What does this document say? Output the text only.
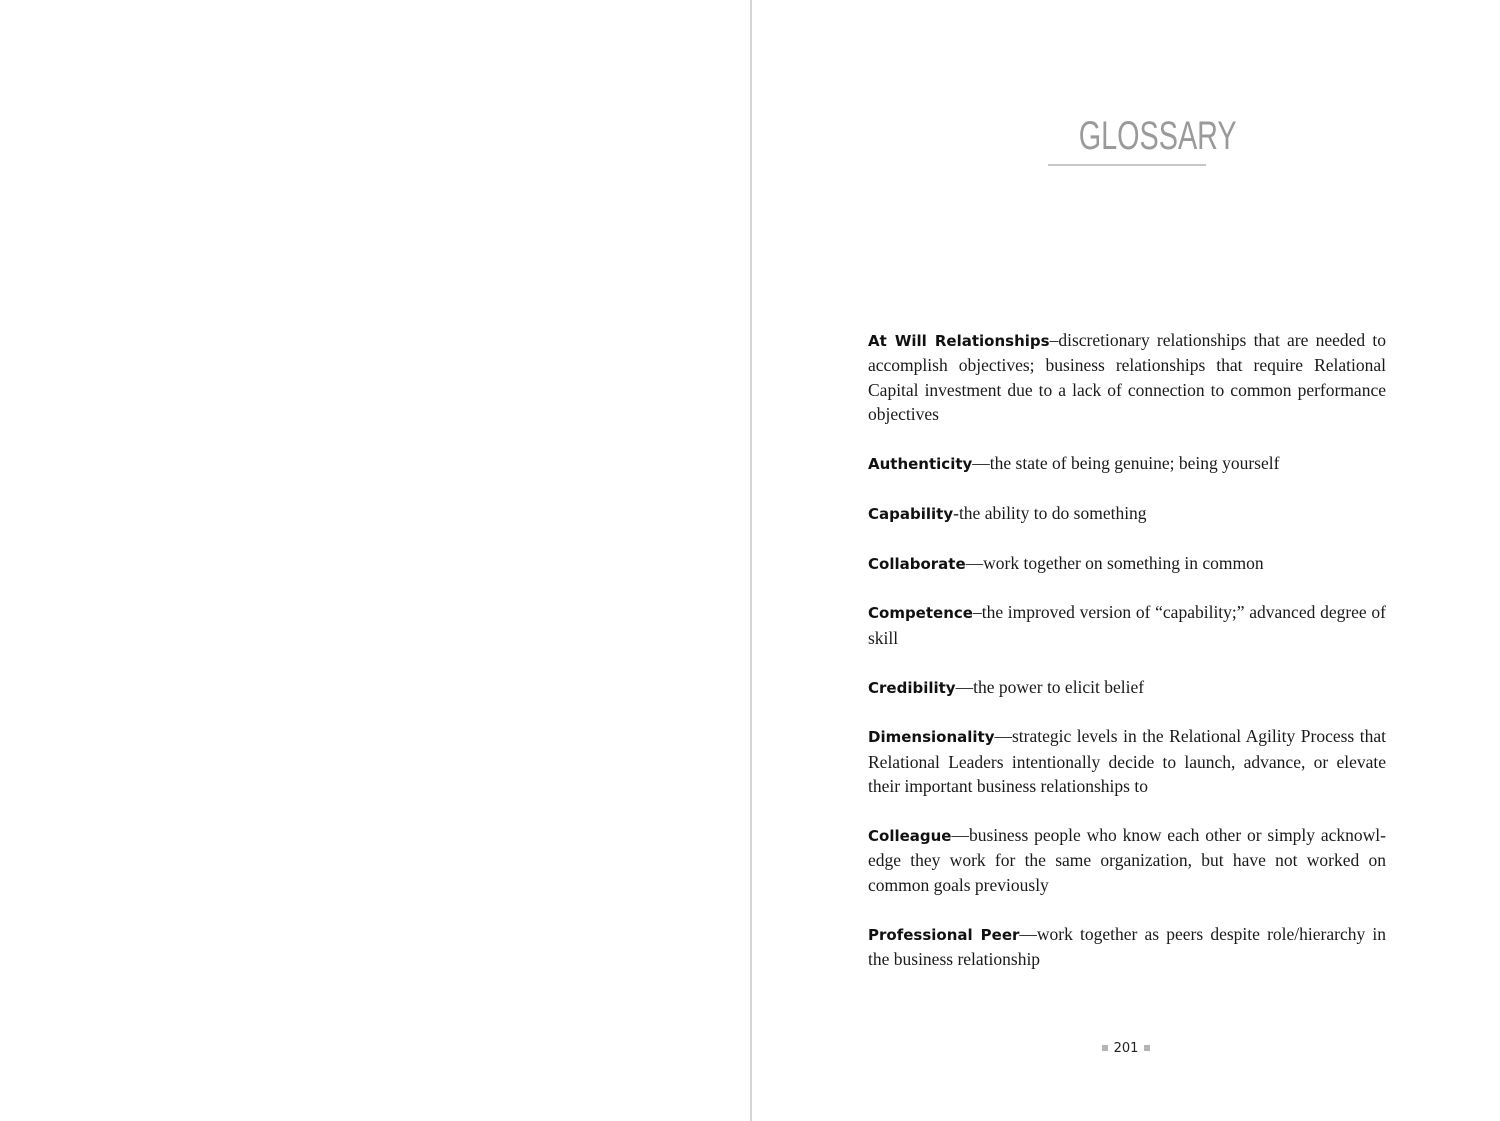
GLOSSARY

At Will Relationships–discretionary relationships that are needed to accomplish objectives; business relationships that require Relational Capital investment due to a lack of connection to common performance objectives

Authenticity—the state of being genuine; being yourself

Capability-the ability to do something

Collaborate—work together on something in common

Competence–the improved version of “capability;” advanced degree of skill

Credibility—the power to elicit belief

Dimensionality—strategic levels in the Relational Agility Process that Relational Leaders intentionally decide to launch, advance, or elevate their important business relationships to

Colleague—business people who know each other or simply acknowledge they work for the same organization, but have not worked on common goals previously

Professional Peer—work together as peers despite role/hierarchy in the business relationship

201
